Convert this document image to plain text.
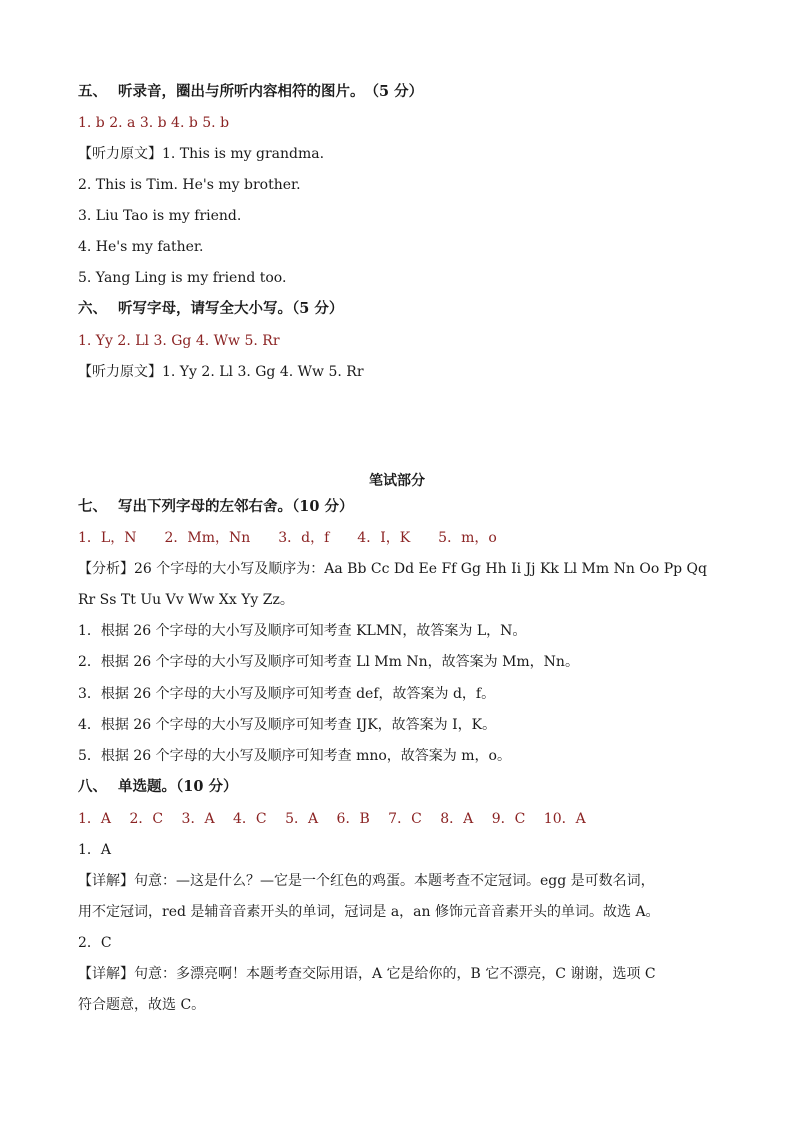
五、 听录音，圈出与所听内容相符的图片。　（5 分）
1. b 2. a 3. b 4. b 5. b
【听力原文】1. This is my grandma.
2. This is Tim. He's my brother.
3. Liu Tao is my friend.
4. He's my father.
5. Yang Ling is my friend too.
六、 听写字母，请写全大小写。（5 分）
1. Yy 2. Ll 3. Gg 4. Ww 5. Rr
【听力原文】1. Yy 2. Ll 3. Gg 4. Ww 5. Rr
笔试部分
七、 写出下列字母的左邻右舍。（10 分）
1．L，N　　2．Mm，Nn　　3．d，f　　4．I，K　　5．m，o
【分析】26 个字母的大小写及顺序为：Aa Bb Cc Dd Ee Ff Gg Hh Ii Jj Kk Ll Mm Nn Oo Pp Qq
Rr Ss Tt Uu Vv Ww Xx Yy Zz。
1．根据 26 个字母的大小写及顺序可知考查 KLMN，故答案为 L，N。
2．根据 26 个字母的大小写及顺序可知考查 Ll Mm Nn，故答案为 Mm，Nn。
3．根据 26 个字母的大小写及顺序可知考查 def，故答案为 d，f。
4．根据 26 个字母的大小写及顺序可知考查 IJK，故答案为 I，K。
5．根据 26 个字母的大小写及顺序可知考查 mno，故答案为 m，o。
八、 单选题。（10 分）
1．A　 2．C　 3．A　 4．C　 5．A　 6．B　 7．C　 8．A　 9．C　 10．A
1．A
【详解】句意：—这是什么？—它是一个红色的鸡蛋。本题考查不定冠词。egg 是可数名词，
用不定冠词，red 是辅音音素开头的单词，冠词是 a，an 修饰元音音素开头的单词。故选 A。
2．C
【详解】句意：多漂亮啊！本题考查交际用语，A 它是给你的，B 它不漂亮，C 谢谢，选项 C
符合题意，故选 C。
